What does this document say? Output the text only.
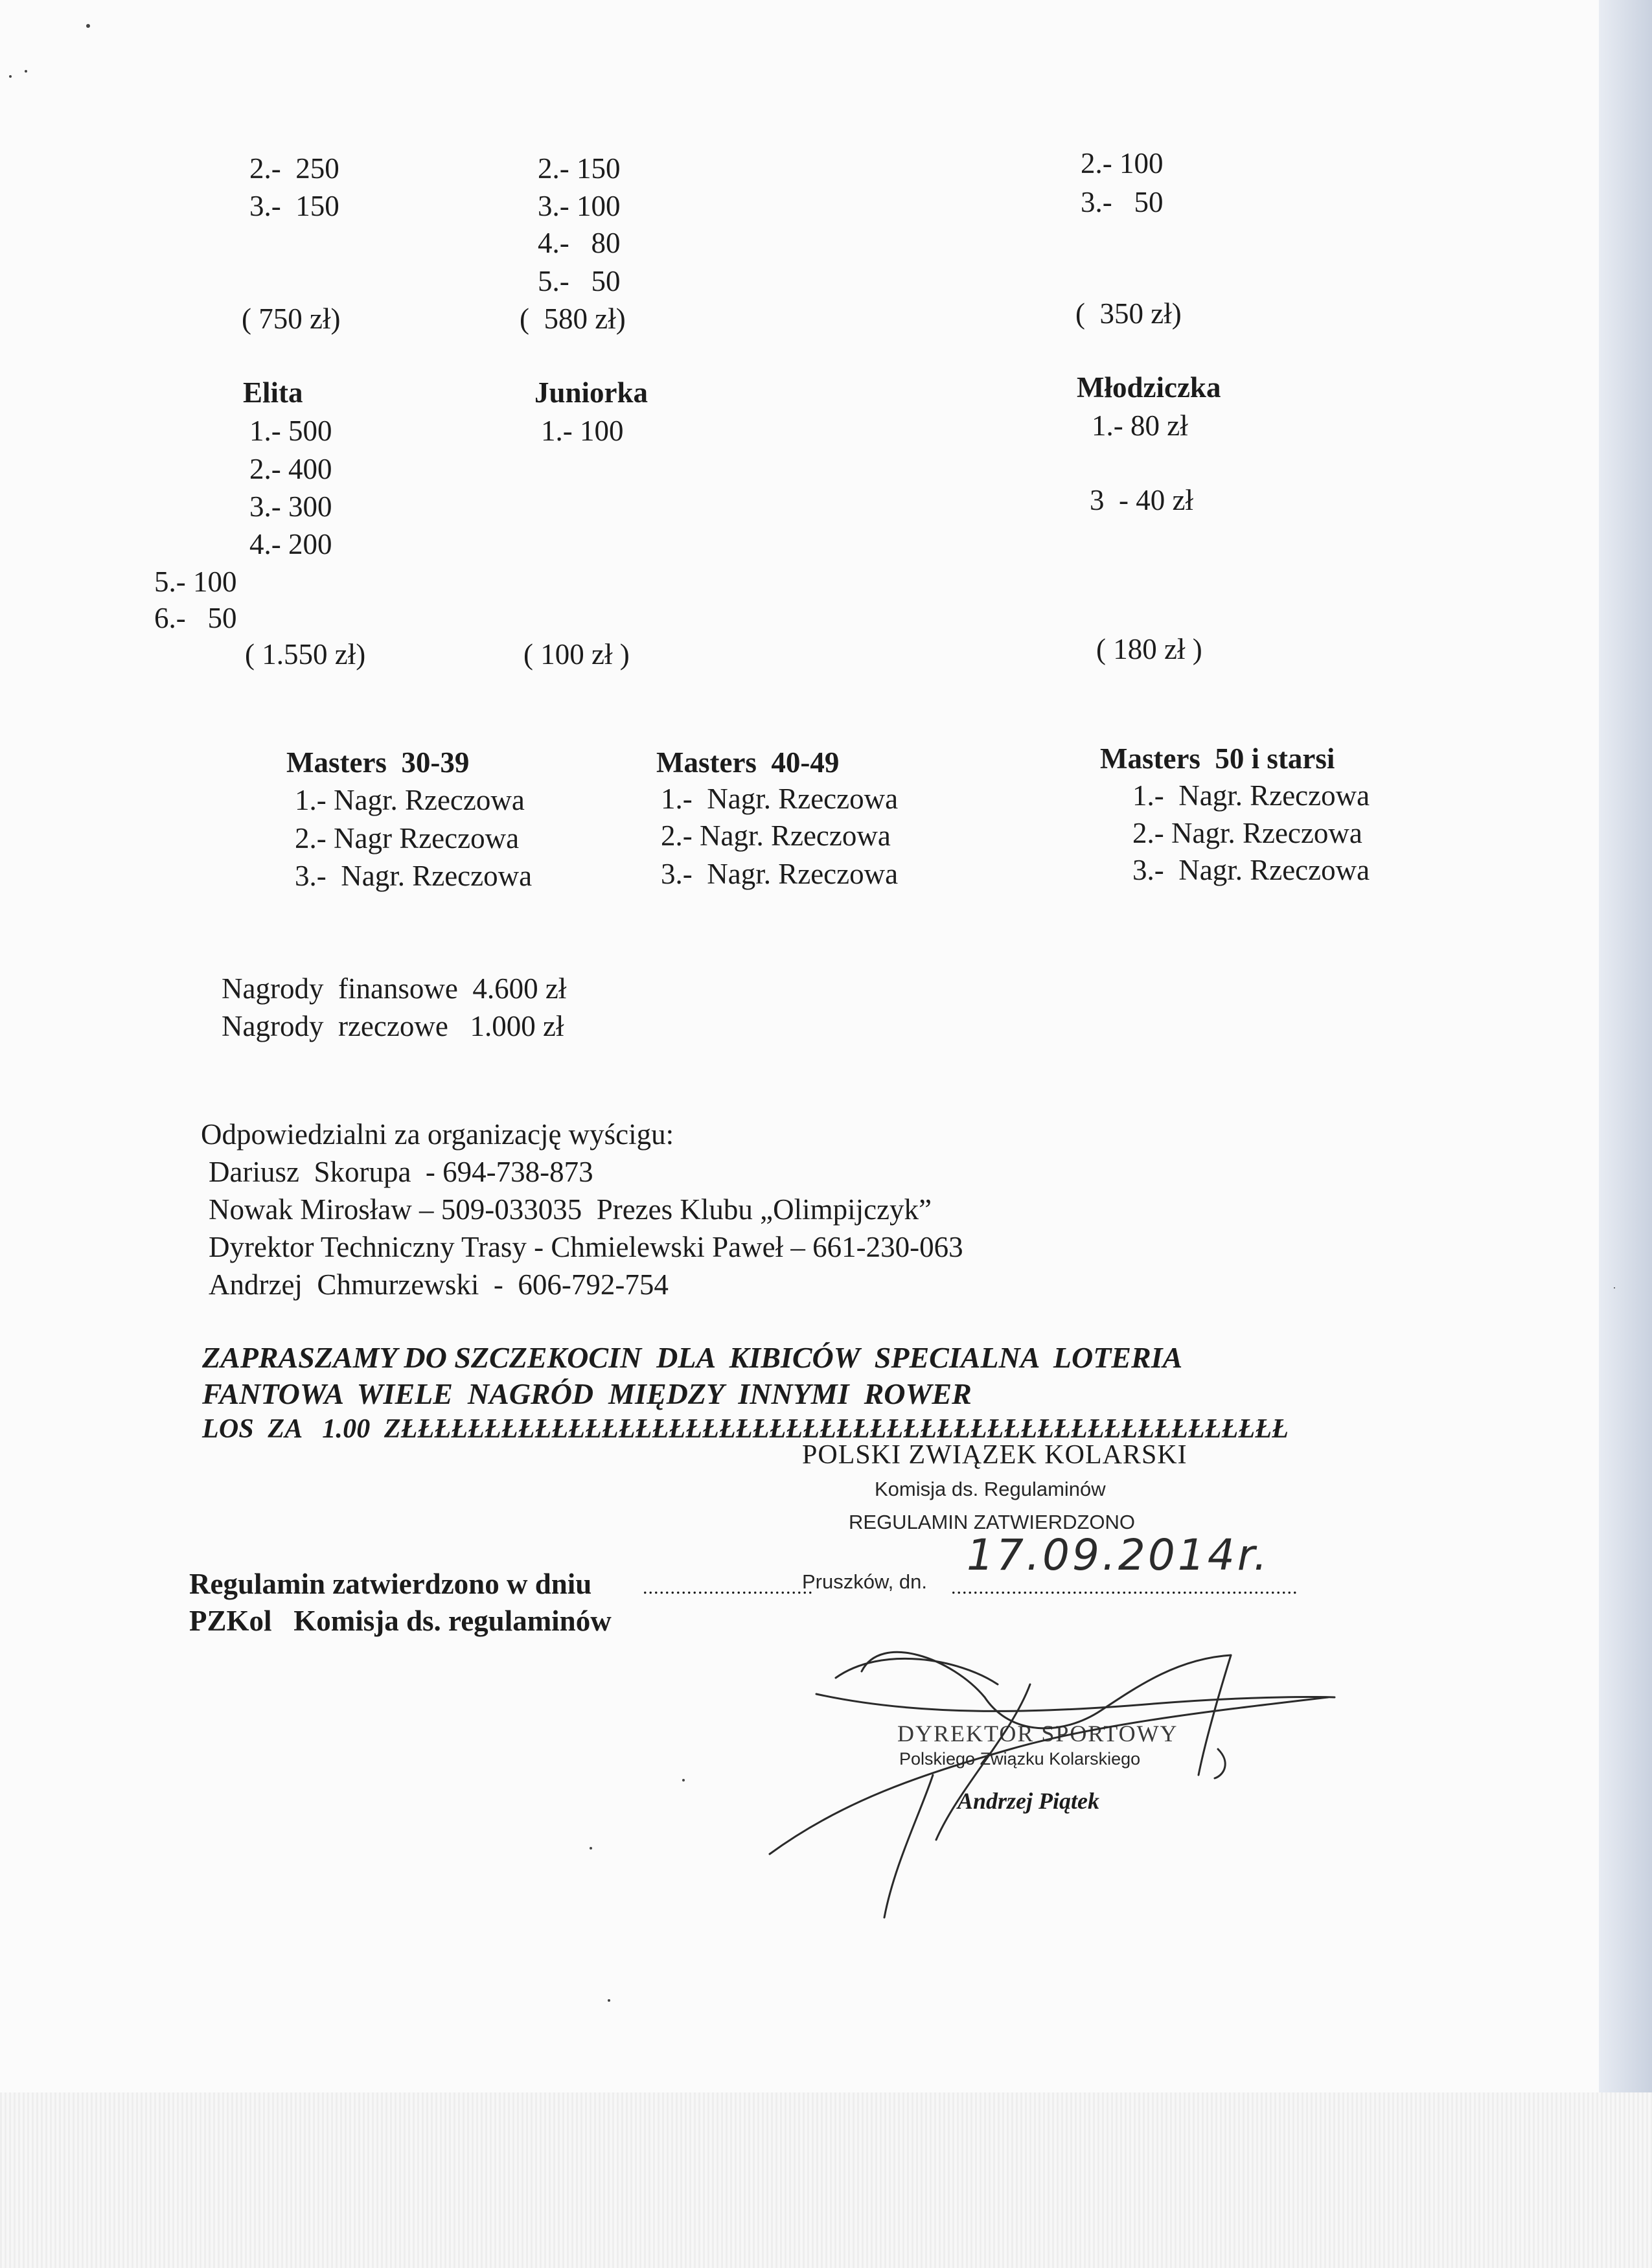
2.-  250
3.-  150
( 750 zł)
2.- 150
3.- 100
4.-   80
5.-   50
(  580 zł)
2.- 100
3.-   50
(  350 zł)
Elita
1.- 500
2.- 400
3.- 300
4.- 200
5.- 100
6.-   50
( 1.550 zł)
Juniorka
1.- 100
( 100 zł )
Młodziczka
1.- 80 zł
3  - 40 zł
( 180 zł )
Masters  30-39
1.- Nagr. Rzeczowa
2.- Nagr Rzeczowa
3.-  Nagr. Rzeczowa
Masters  40-49
1.-  Nagr. Rzeczowa
2.- Nagr. Rzeczowa
3.-  Nagr. Rzeczowa
Masters  50 i starsi
1.-  Nagr. Rzeczowa
2.- Nagr. Rzeczowa
3.-  Nagr. Rzeczowa
Nagrody  finansowe  4.600 zł
Nagrody  rzeczowe   1.000 zł
Odpowiedzialni za organizację wyścigu:
Dariusz  Skorupa  - 694-738-873
Nowak Mirosław – 509-033035  Prezes Klubu „Olimpijczyk”
Dyrektor Techniczny Trasy - Chmielewski Paweł – 661-230-063
Andrzej  Chmurzewski  -  606-792-754
ZAPRASZAMY DO SZCZEKOCIN  DLA  KIBICÓW  SPECIALNA  LOTERIA
FANTOWA  WIELE  NAGRÓD  MIĘDZY  INNYMI  ROWER
LOS  ZA   1.00  ZŁŁŁŁŁŁŁŁŁŁŁŁŁŁŁŁŁŁŁŁŁŁŁŁŁŁŁŁŁŁŁŁŁŁŁŁŁŁŁŁŁŁŁŁŁŁŁŁŁŁŁŁŁ
POLSKI ZWIĄZEK KOLARSKI
Komisja ds. Regulaminów
REGULAMIN ZATWIERDZONO
Pruszków, dn.
Regulamin zatwierdzono w dniu	...............................	...............................................................
PZKol   Komisja ds. regulaminów
17.09.2014r.
DYREKTOR SPORTOWY
Polskiego Związku Kolarskiego
Andrzej Piątek
